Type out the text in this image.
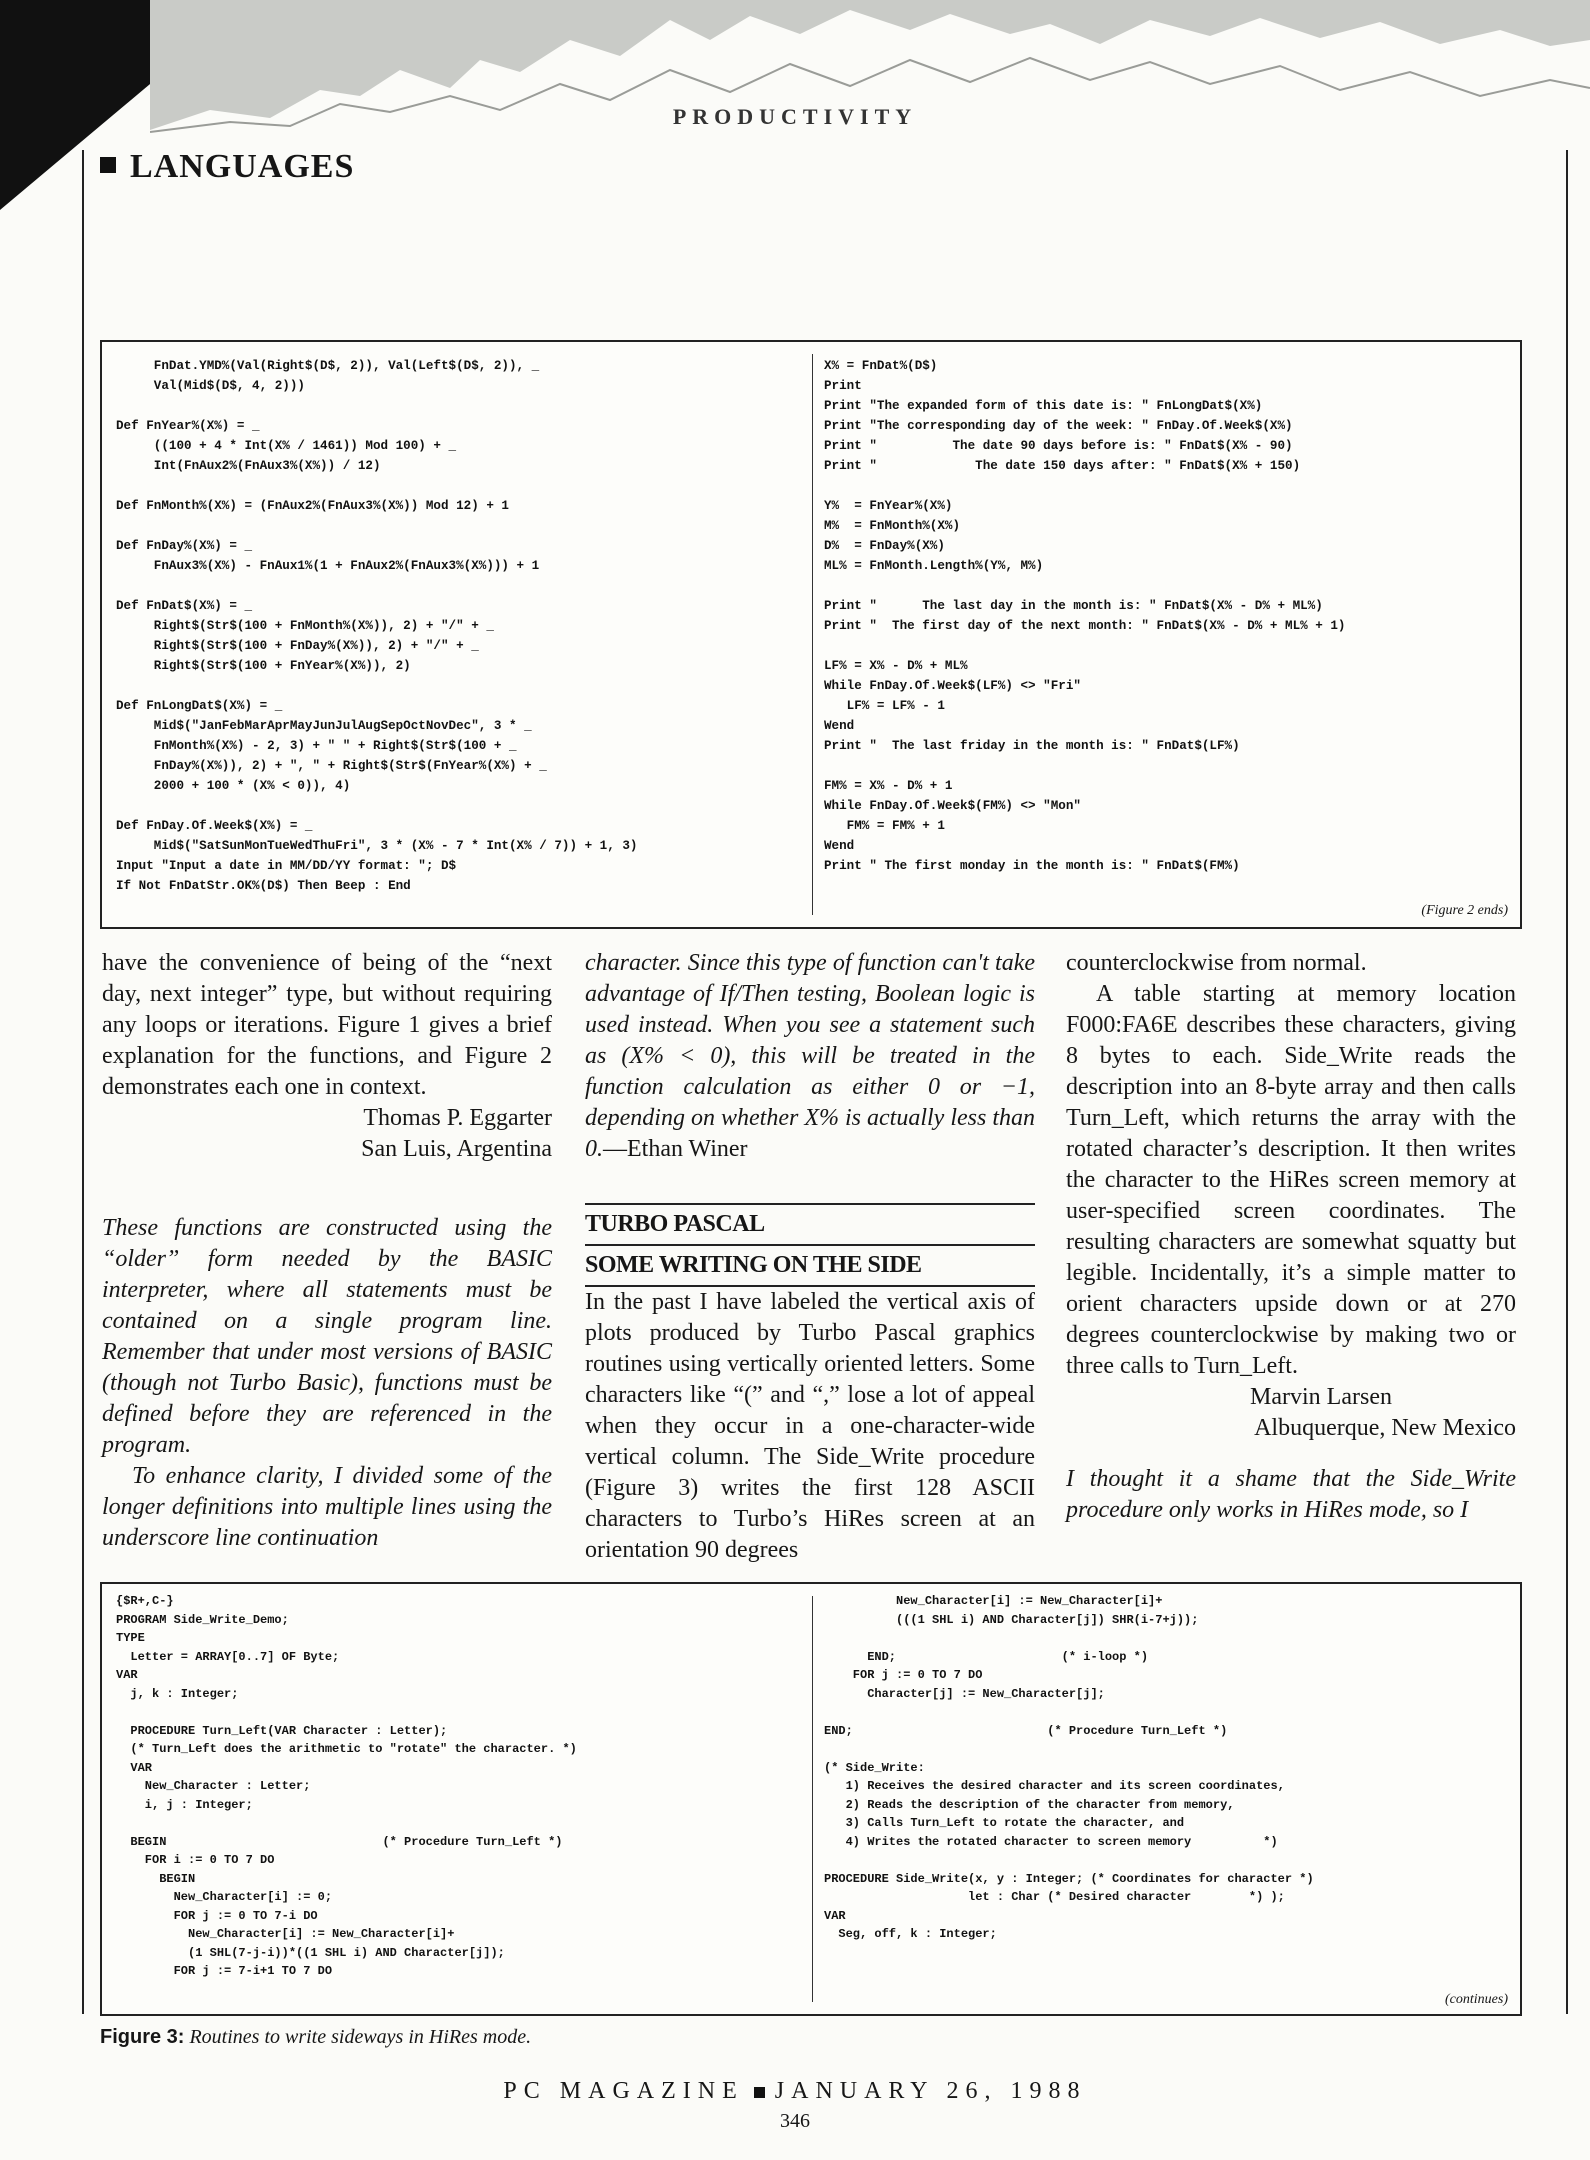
PRODUCTIVITY
LANGUAGES
FnDat.YMD%(Val(Right$(D$, 2)), Val(Left$(D$, 2)), _
Val(Mid$(D$, 4, 2)))

Def FnYear%(X%) = _
((100 + 4 * Int(X% / 1461)) Mod 100) + _
Int(FnAux2%(FnAux3%(X%)) / 12)

Def FnMonth%(X%) = (FnAux2%(FnAux3%(X%)) Mod 12) + 1

Def FnDay%(X%) = _
FnAux3%(X%) - FnAux1%(1 + FnAux2%(FnAux3%(X%))) + 1

Def FnDat$(X%) = _
Right$(Str$(100 + FnMonth%(X%)), 2) + "/" + _
Right$(Str$(100 + FnDay%(X%)), 2) + "/" + _
Right$(Str$(100 + FnYear%(X%)), 2)

Def FnLongDat$(X%) = _
Mid$("JanFebMarAprMayJunJulAugSepOctNovDec", 3 * _
FnMonth%(X%) - 2, 3) + " " + Right$(Str$(100 + _
FnDay%(X%)), 2) + ", " + Right$(Str$(FnYear%(X%) + _
2000 + 100 * (X% < 0)), 4)

Def FnDay.Of.Week$(X%) = _
Mid$("SatSunMonTueWedThuFri", 3 * (X% - 7 * Int(X% / 7)) + 1, 3)
Input "Input a date in MM/DD/YY format: "; D$
If Not FnDatStr.OK%(D$) Then Beep : End
X% = FnDat%(D$)
Print
Print "The expanded form of this date is: " FnLongDat$(X%)
Print "The corresponding day of the week: " FnDay.Of.Week$(X%)
Print "          The date 90 days before is: " FnDat$(X% - 90)
Print "             The date 150 days after: " FnDat$(X% + 150)

Y%  = FnYear%(X%)
M%  = FnMonth%(X%)
D%  = FnDay%(X%)
ML% = FnMonth.Length%(Y%, M%)

Print "      The last day in the month is: " FnDat$(X% - D% + ML%)
Print "  The first day of the next month: " FnDat$(X% - D% + ML% + 1)

LF% = X% - D% + ML%
While FnDay.Of.Week$(LF%) <> "Fri"
LF% = LF% - 1
Wend
Print "  The last friday in the month is: " FnDat$(LF%)

FM% = X% - D% + 1
While FnDay.Of.Week$(FM%) <> "Mon"
FM% = FM% + 1
Wend
Print " The first monday in the month is: " FnDat$(FM%)
(Figure 2 ends)

have the convenience of being of the “next day, next integer” type, but without requiring any loops or iterations. Figure 1 gives a brief explanation for the functions, and Figure 2 demonstrates each one in context.

Thomas P. Eggarter

San Luis, Argentina

These functions are constructed using the “older” form needed by the BASIC interpreter, where all statements must be contained on a single program line. Remember that under most versions of BASIC (though not Turbo Basic), functions must be defined before they are referenced in the program.

To enhance clarity, I divided some of the longer definitions into multiple lines using the underscore line continuation

character. Since this type of function can't take advantage of If/Then testing, Boolean logic is used instead. When you see a statement such as (X% < 0), this will be treated in the function calculation as either 0 or −1, depending on whether X% is actually less than 0.—Ethan Winer

TURBO PASCAL

SOME WRITING ON THE SIDE

In the past I have labeled the vertical axis of plots produced by Turbo Pascal graphics routines using vertically oriented letters. Some characters like “(” and “,” lose a lot of appeal when they occur in a one-character-wide vertical column. The Side_Write procedure (Figure 3) writes the first 128 ASCII characters to Turbo’s HiRes screen at an orientation 90 degrees

counterclockwise from normal.

A table starting at memory location F000:FA6E describes these characters, giving 8 bytes to each. Side_Write reads the description into an 8-byte array and then calls Turn_Left, which returns the array with the rotated character’s description. It then writes the character to the HiRes screen memory at user-specified screen coordinates. The resulting characters are somewhat squatty but legible. Incidentally, it’s a simple matter to orient characters upside down or at 270 degrees counterclockwise by making two or three calls to Turn_Left.

Marvin Larsen

Albuquerque, New Mexico

I thought it a shame that the Side_Write procedure only works in HiRes mode, so I

{$R+,C-}
PROGRAM Side_Write_Demo;
TYPE
Letter = ARRAY[0..7] OF Byte;
VAR
j, k : Integer;

PROCEDURE Turn_Left(VAR Character : Letter);
(* Turn_Left does the arithmetic to "rotate" the character. *)
VAR
New_Character : Letter;
i, j : Integer;

BEGIN                              (* Procedure Turn_Left *)
FOR i := 0 TO 7 DO
BEGIN
New_Character[i] := 0;
FOR j := 0 TO 7-i DO
New_Character[i] := New_Character[i]+
(1 SHL(7-j-i))*((1 SHL i) AND Character[j]);
FOR j := 7-i+1 TO 7 DO
New_Character[i] := New_Character[i]+
(((1 SHL i) AND Character[j]) SHR(i-7+j));

END;                       (* i-loop *)
FOR j := 0 TO 7 DO
Character[j] := New_Character[j];

END;                           (* Procedure Turn_Left *)

(* Side_Write:
1) Receives the desired character and its screen coordinates,
2) Reads the description of the character from memory,
3) Calls Turn_Left to rotate the character, and
4) Writes the rotated character to screen memory          *)

PROCEDURE Side_Write(x, y : Integer; (* Coordinates for character *)
let : Char (* Desired character        *) );
VAR
Seg, off, k : Integer;
(continues)
Figure 3: Routines to write sideways in HiRes mode.
PC MAGAZINE JANUARY 26, 1988
346
